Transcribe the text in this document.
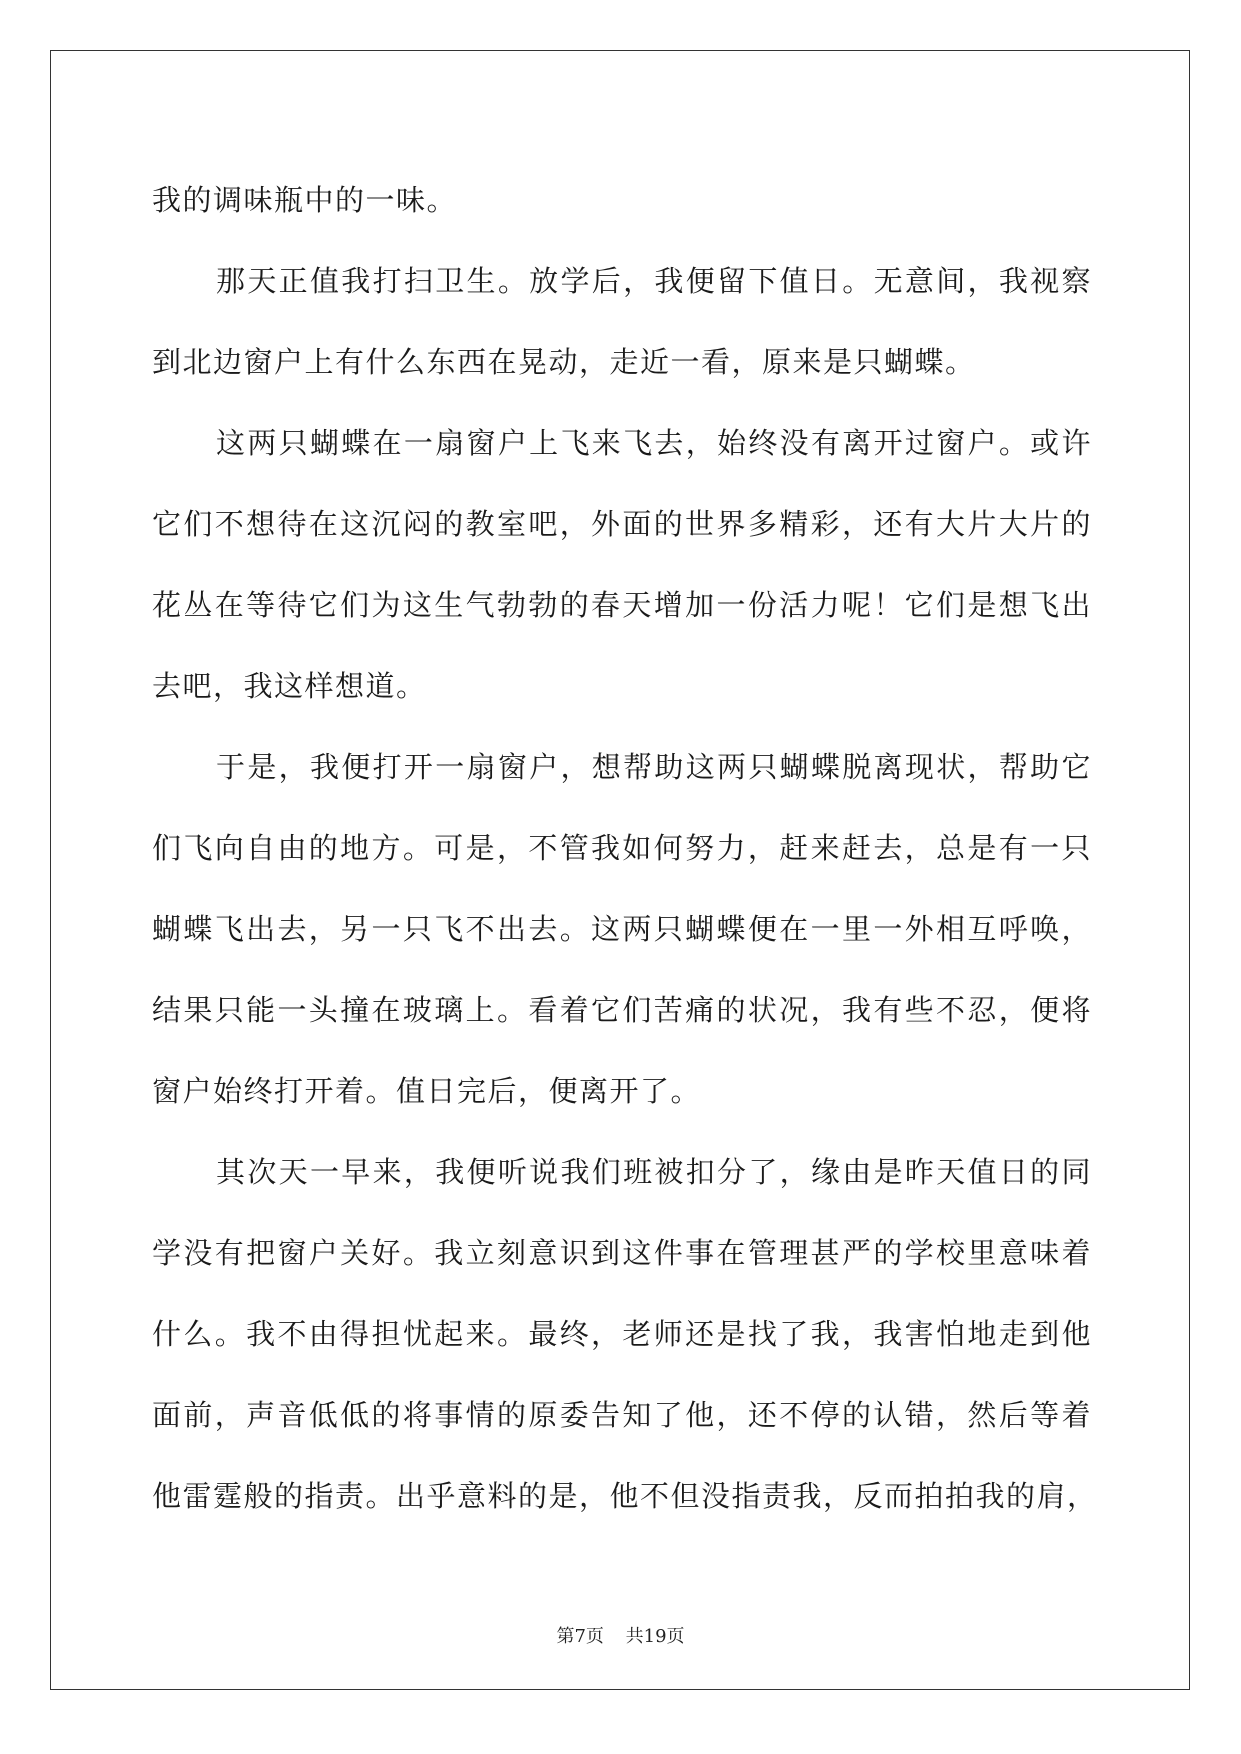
我的调味瓶中的一味。
那天正值我打扫卫生。放学后，我便留下值日。无意间，我视察
到北边窗户上有什么东西在晃动，走近一看，原来是只蝴蝶。
这两只蝴蝶在一扇窗户上飞来飞去，始终没有离开过窗户。或许
它们不想待在这沉闷的教室吧，外面的世界多精彩，还有大片大片的
花丛在等待它们为这生气勃勃的春天增加一份活力呢！它们是想飞出
去吧，我这样想道。
于是，我便打开一扇窗户，想帮助这两只蝴蝶脱离现状，帮助它
们飞向自由的地方。可是，不管我如何努力，赶来赶去，总是有一只
蝴蝶飞出去，另一只飞不出去。这两只蝴蝶便在一里一外相互呼唤，
结果只能一头撞在玻璃上。看着它们苦痛的状况，我有些不忍，便将
窗户始终打开着。值日完后，便离开了。
其次天一早来，我便听说我们班被扣分了，缘由是昨天值日的同
学没有把窗户关好。我立刻意识到这件事在管理甚严的学校里意味着
什么。我不由得担忧起来。最终，老师还是找了我，我害怕地走到他
面前，声音低低的将事情的原委告知了他，还不停的认错，然后等着
他雷霆般的指责。出乎意料的是，他不但没指责我，反而拍拍我的肩，
第7页 共19页
